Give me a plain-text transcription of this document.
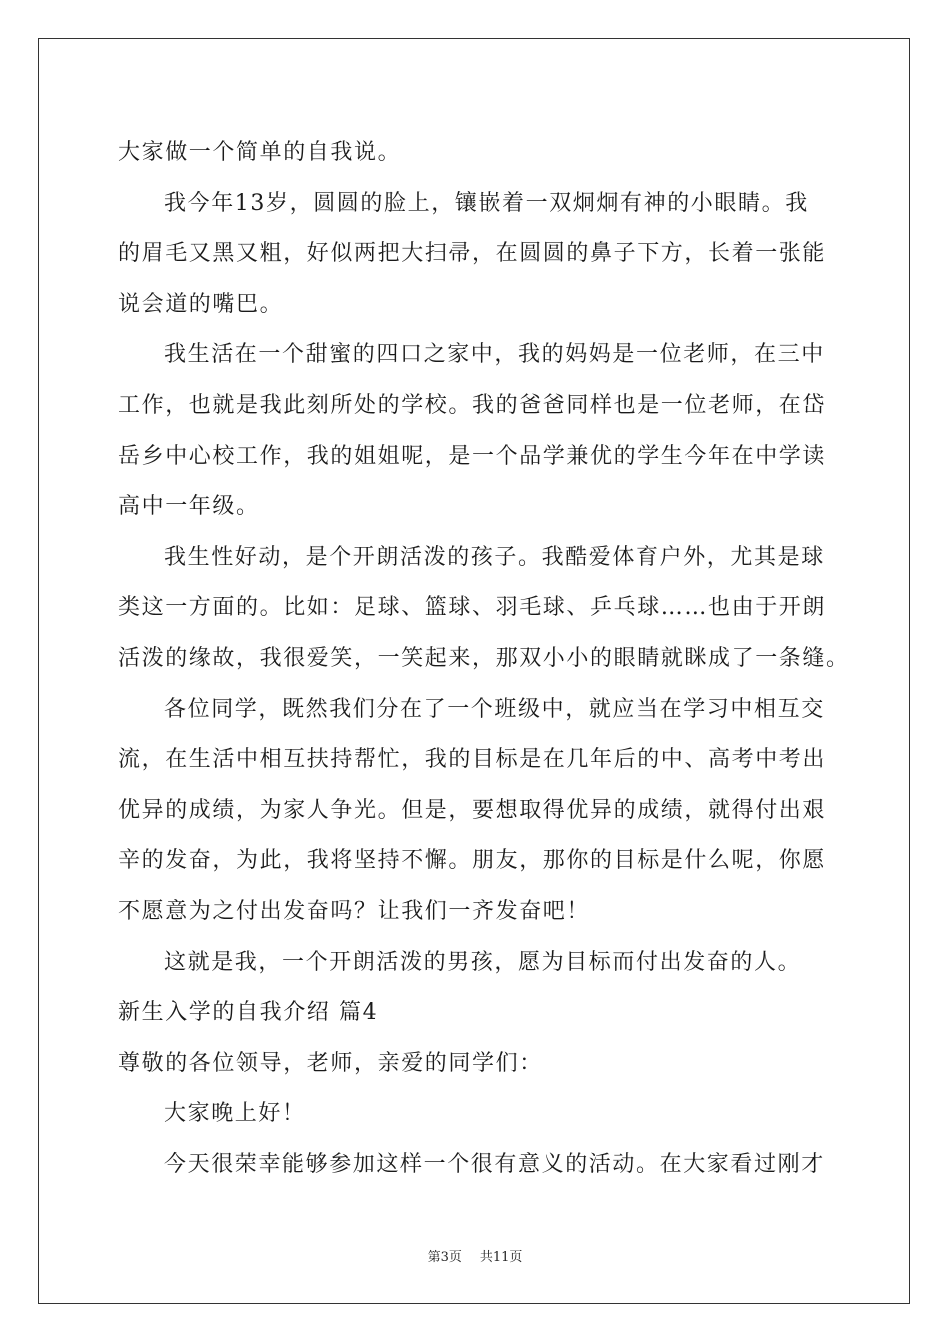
大家做一个简单的自我说。
我今年13岁，圆圆的脸上，镶嵌着一双炯炯有神的小眼睛。我
的眉毛又黑又粗，好似两把大扫帚，在圆圆的鼻子下方，长着一张能
说会道的嘴巴。
我生活在一个甜蜜的四口之家中，我的妈妈是一位老师，在三中
工作，也就是我此刻所处的学校。我的爸爸同样也是一位老师，在岱
岳乡中心校工作，我的姐姐呢，是一个品学兼优的学生今年在中学读
高中一年级。
我生性好动，是个开朗活泼的孩子。我酷爱体育户外，尤其是球
类这一方面的。比如：足球、篮球、羽毛球、乒乓球……也由于开朗
活泼的缘故，我很爱笑，一笑起来，那双小小的眼睛就眯成了一条缝。
各位同学，既然我们分在了一个班级中，就应当在学习中相互交
流，在生活中相互扶持帮忙，我的目标是在几年后的中、高考中考出
优异的成绩，为家人争光。但是，要想取得优异的成绩，就得付出艰
辛的发奋，为此，我将坚持不懈。朋友，那你的目标是什么呢，你愿
不愿意为之付出发奋吗？让我们一齐发奋吧！
这就是我，一个开朗活泼的男孩，愿为目标而付出发奋的人。
新生入学的自我介绍 篇4
尊敬的各位领导，老师，亲爱的同学们：
大家晚上好！
今天很荣幸能够参加这样一个很有意义的活动。在大家看过刚才
第3页 共11页
